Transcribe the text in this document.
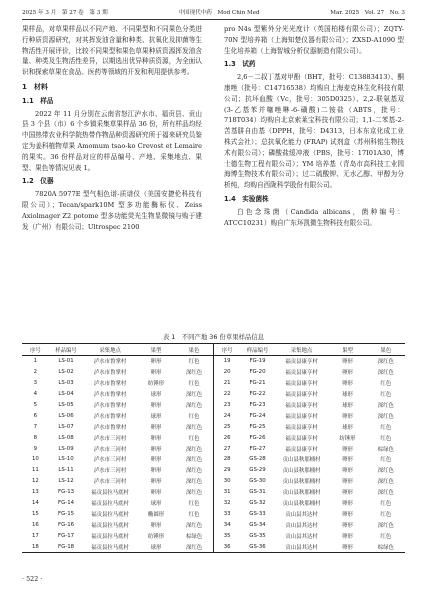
2025 年 3 月　第 27 卷　第 3 期	中国现代中药　Mod Chin Med	Mar. 2025　Vol. 27　No. 3

果样品，对草果样品以不同产地、不同果型和不同果色分类进行种质资源研究，对其挥发油含量和种类、抗氧化及抑菌等生物活性开展评价，比较不同果型和果色草果种质资源挥发油含量、种类及生物活性差异，以期选出优异种质资源，为全面认识和探索草果在食品、医药等领域的开发和利用提供参考。

1　材料
1.1　样品

2022 年 11 月分别在云南省怒江泸水市、福贡县、贡山县 3 个县（市）6 个乡镇采集草果样品 36 份，所有样品均经中国热带农业科学院热带作物品种资源研究所于福来研究员鉴定为姜科植物草果 Amomum tsao-ko Crevost et Lemaire 的果实。36 份样品对应的样品编号、产地、采集地点、果型、果色等情况见表 1。

1.2　仪器

7820A 5977E 型气相色谱-质谱仪（美国安捷伦科技有限公司）；Tecan/spark10M 型多功能酶标仪、Zeiss Axiolmager Z2 potome 型多功能荧光生物显微镜与购于建发（广州）有限公司；Ultrospec 2100

pro N4s 型紫外分光光度计（英国柏楼有限公司）；ZQTY-70N 型培养箱（上海知楚仪器有限公司）；ZXSD-A1090 型生化培养箱（上海智城分析仪器制造有限公司）。

1.3　试药

2,6－二叔丁基对甲酚（BHT，批号：C13883413）、酮康唑（批号：C14716538）均购自上海麦克林生化科技有限公司；抗坏血酸（Vc，批号：305D0325）、2,2-联氨基双(3-乙基苯并噻唑啉-6-磺酸)二铵盐（ABTS，批号：718T034）均购自北京索莱宝科技有限公司；1,1-二苯基-2-苦基肼自由基（DPPH，批号：D4313，日本东京化成工业株式会社）；总抗氧化能力 (FRAP) 试剂盒（苏州科铭生物技术有限公司）；磷酸盐缓冲液（PBS，批号：17I01A30，博士德生物工程有限公司）；YM 培养基（青岛市高科技工业园海博生物技术有限公司）；过二硫酸钾、无水乙醇、甲醇为分析纯，均购自西陇科学股份有限公司。

1.4　实验菌株

白色念珠菌（Candida albicans，菌种编号：ATCC10231）购自广东环凯微生物科技有限公司。

表 1　不同产地 36 份草果样品信息
序号	样品编号	采集地点	果型	果色	序号	样品编号	采集地点	果型	果色
1	LS-01	泸水市鲁掌村	卵形	红色	19	FG-19	福贡县康亨村	卵形	深红色
2	LS-02	泸水市鲁掌村	卵形	深红色	20	FG-20	福贡县康亨村	卵形	深红色
3	LS-03	泸水市鲁掌村	纺锤形	红色	21	FG-21	福贡县康亨村	卵形	红色
4	LS-04	泸水市鲁掌村	球形	深红色	22	FG-22	福贡县康亨村	球形	红色
5	LS-05	泸水市鲁掌村	卵形	深红色	23	FG-23	福贡县康亨村	球形	深红色
6	LS-06	泸水市鲁掌村	球形	红色	24	FG-24	福贡县康亨村	卵形	深红色
7	LS-07	泸水市鲁掌村	卵形	深红色	25	FG-25	福贡县康亨村	球形	红色
8	LS-08	泸水市三河村	卵形	红色	26	FG-26	福贡县康亨村	纺锤形	红色
9	LS-09	泸水市三河村	卵形	深红色	27	FG-27	福贡县康亨村	卵形	棕绿色
10	LS-10	泸水市三河村	卵形	深红色	28	GS-28	贡山县秋那桶村	卵形	红色
11	LS-11	泸水市三河村	卵形	深红色	29	GS-29	贡山县秋那桶村	卵形	深红色
12	LS-12	泸水市三河村	卵形	深红色	30	GS-30	贡山县秋那桶村	卵形	深红色
13	FG-13	福贡县拉马底村	卵形	深红色	31	GS-31	贡山县秋那桶村	卵形	深红色
14	FG-14	福贡县拉马底村	球形	红色	32	GS-32	贡山县秋那桶村	卵形	红色
15	FG-15	福贡县拉马底村	椭圆形	红色	33	GS-33	贡山县其达村	卵形	红色
16	FG-16	福贡县拉马底村	卵形	深红色	34	GS-34	贡山县其达村	卵形	深红色
17	FG-17	福贡县拉马底村	纺锤形	棕绿色	35	GS-35	贡山县其达村	卵形	红色
18	FG-18	福贡县拉马底村	球形	深红色	36	GS-36	贡山县其达村	卵形	棕绿色
· 522 ·
